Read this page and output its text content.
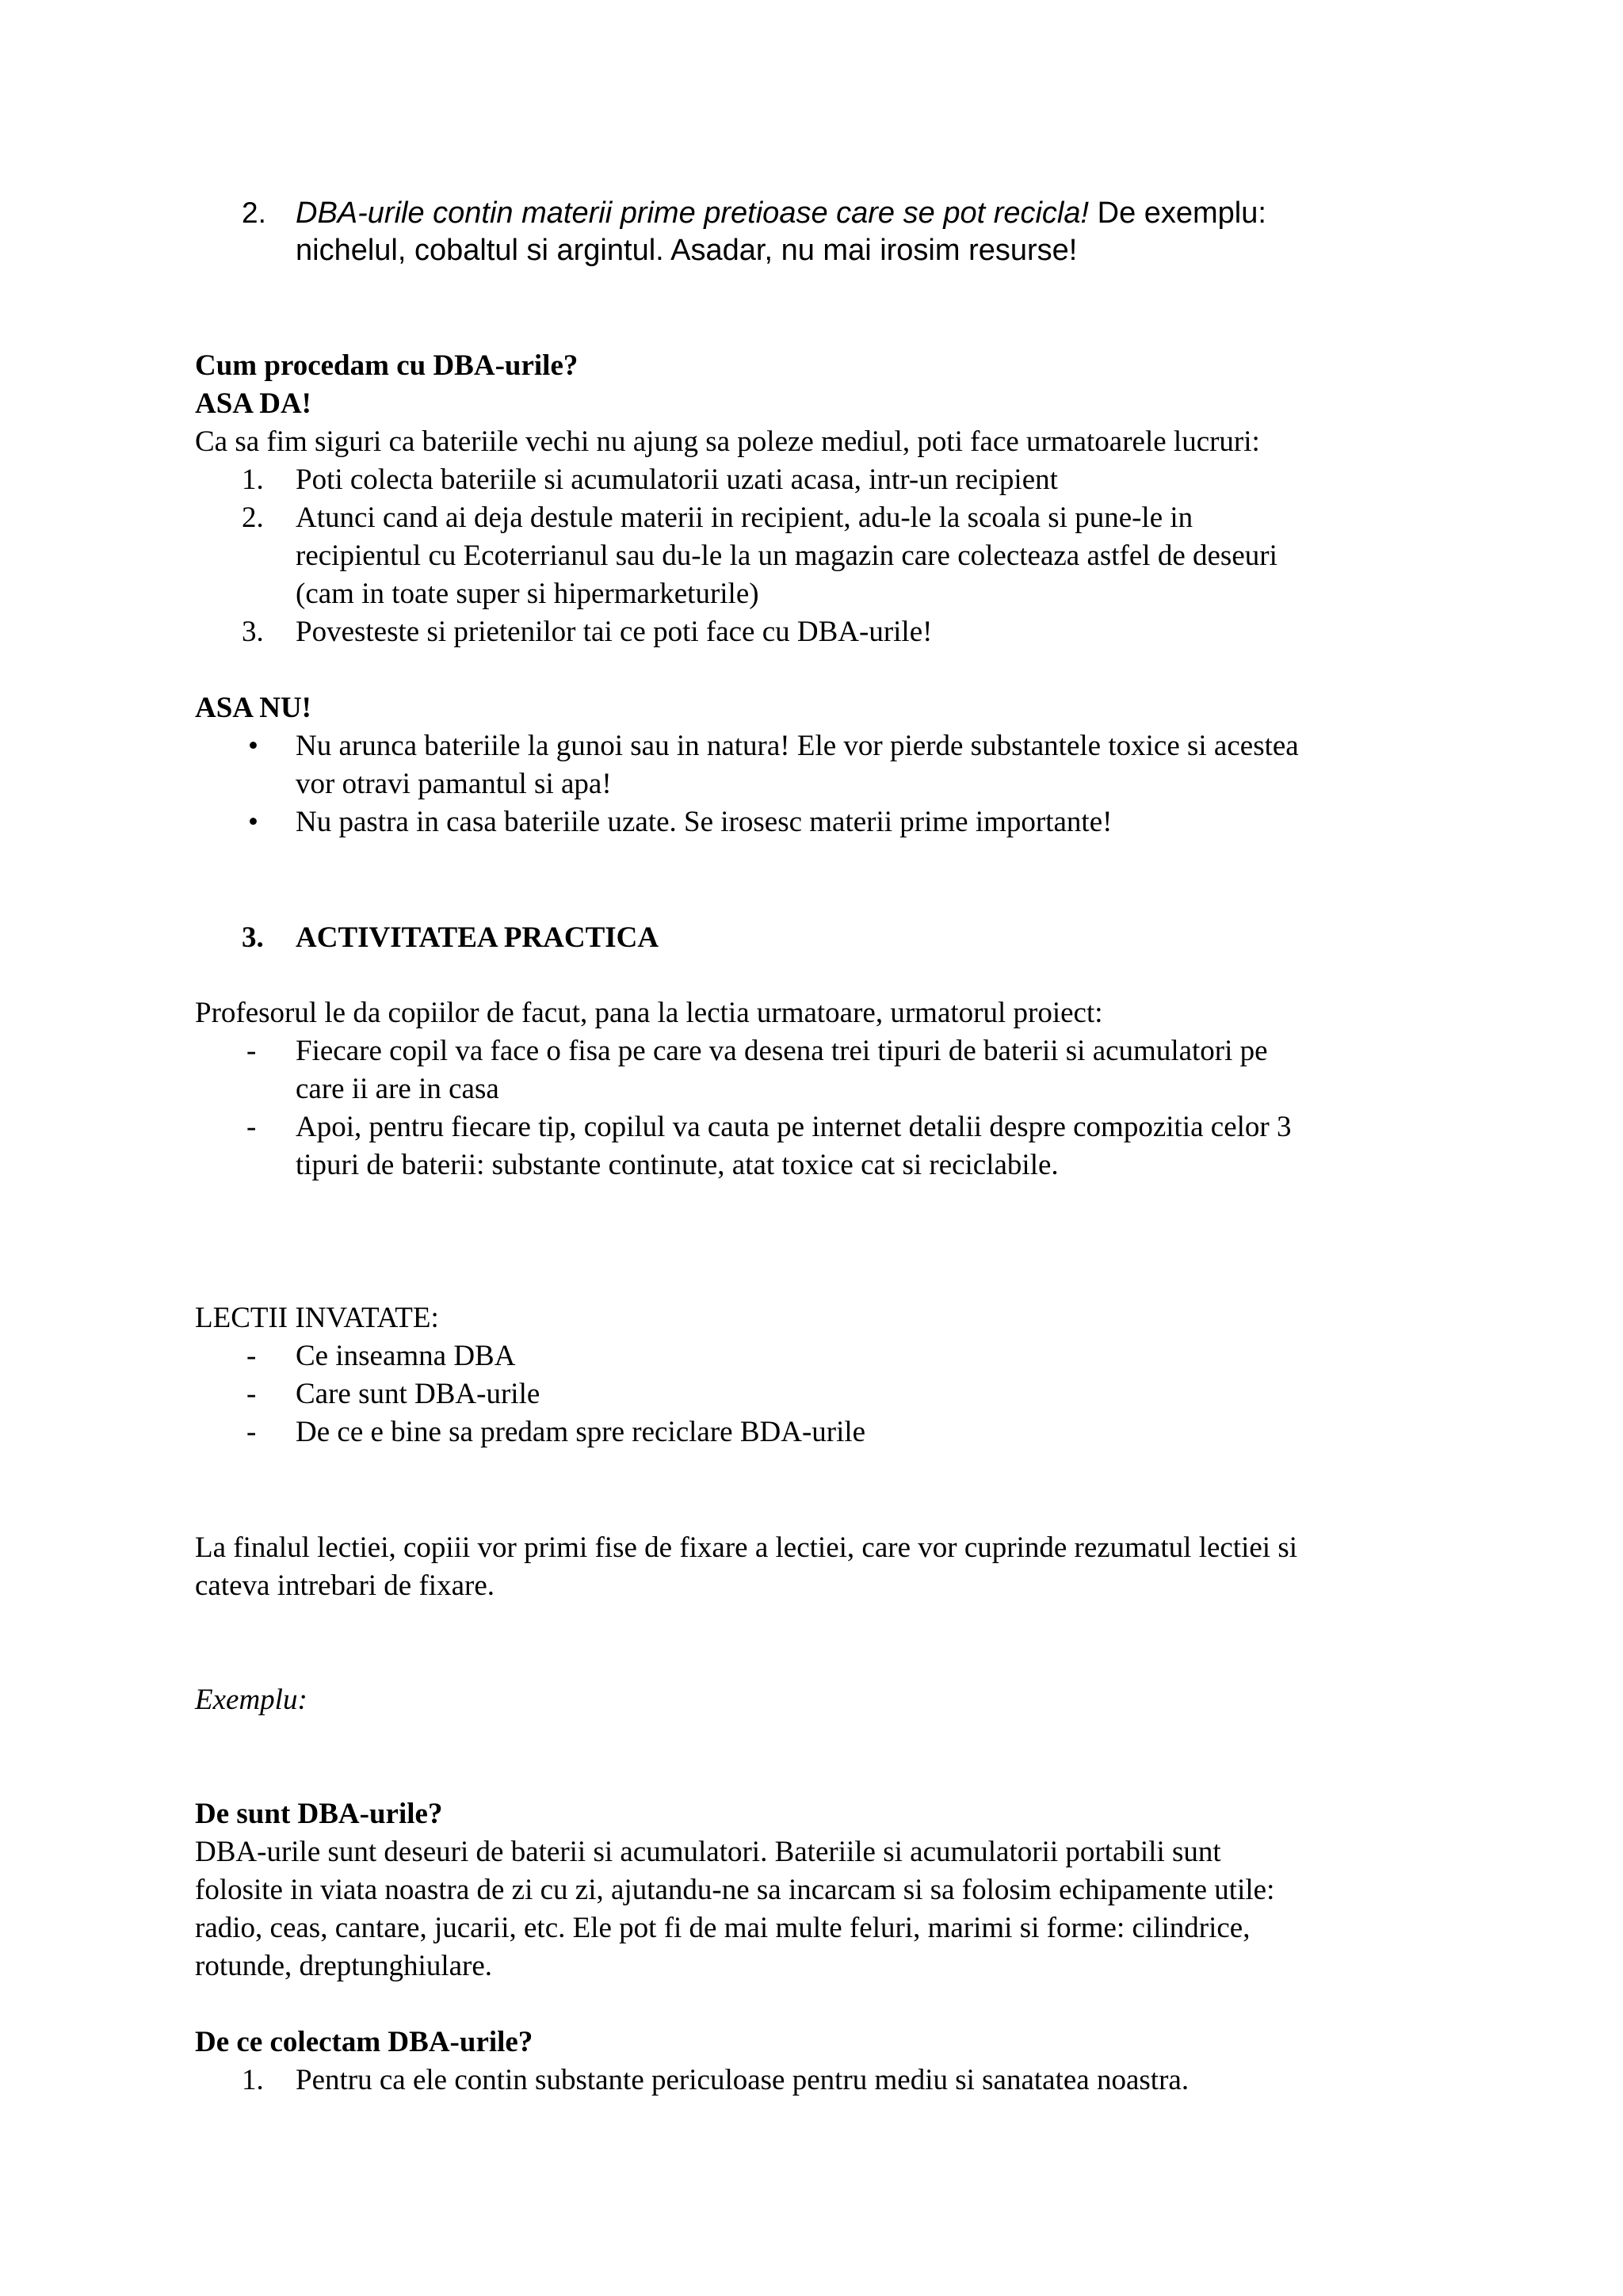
2. DBA-urile contin materii prime pretioase care se pot recicla! De exemplu:

nichelul, cobaltul si argintul. Asadar, nu mai irosim resurse!

Cum procedam cu DBA-urile?

ASA DA!

Ca sa fim siguri ca bateriile vechi nu ajung sa poleze mediul, poti face urmatoarele lucruri:

1. Poti colecta bateriile si acumulatorii uzati acasa, intr-un recipient

2. Atunci cand ai deja destule materii in recipient, adu-le la scoala si pune-le in

recipientul cu Ecoterrianul sau du-le la un magazin care colecteaza astfel de deseuri

(cam in toate super si hipermarketurile)

3. Povesteste si prietenilor tai ce poti face cu DBA-urile!

ASA NU!

• Nu arunca bateriile la gunoi sau in natura! Ele vor pierde substantele toxice si acestea

vor otravi pamantul si apa!

• Nu pastra in casa bateriile uzate. Se irosesc materii prime importante!

3. ACTIVITATEA PRACTICA

Profesorul le da copiilor de facut, pana la lectia urmatoare, urmatorul proiect:

- Fiecare copil va face o fisa pe care va desena trei tipuri de baterii si acumulatori pe

care ii are in casa

- Apoi, pentru fiecare tip, copilul va cauta pe internet detalii despre compozitia celor 3

tipuri de baterii: substante continute, atat toxice cat si reciclabile.

LECTII INVATATE:

- Ce inseamna DBA

- Care sunt DBA-urile

- De ce e bine sa predam spre reciclare BDA-urile

La finalul lectiei, copiii vor primi fise de fixare a lectiei, care vor cuprinde rezumatul lectiei si

cateva intrebari de fixare.

Exemplu:

De sunt DBA-urile?

DBA-urile sunt deseuri de baterii si acumulatori. Bateriile si acumulatorii portabili sunt

folosite in viata noastra de zi cu zi, ajutandu-ne sa incarcam si sa folosim echipamente utile:

radio, ceas, cantare, jucarii, etc. Ele pot fi de mai multe feluri, marimi si forme: cilindrice,

rotunde, dreptunghiulare.

De ce colectam DBA-urile?

1. Pentru ca ele contin substante periculoase pentru mediu si sanatatea noastra.
